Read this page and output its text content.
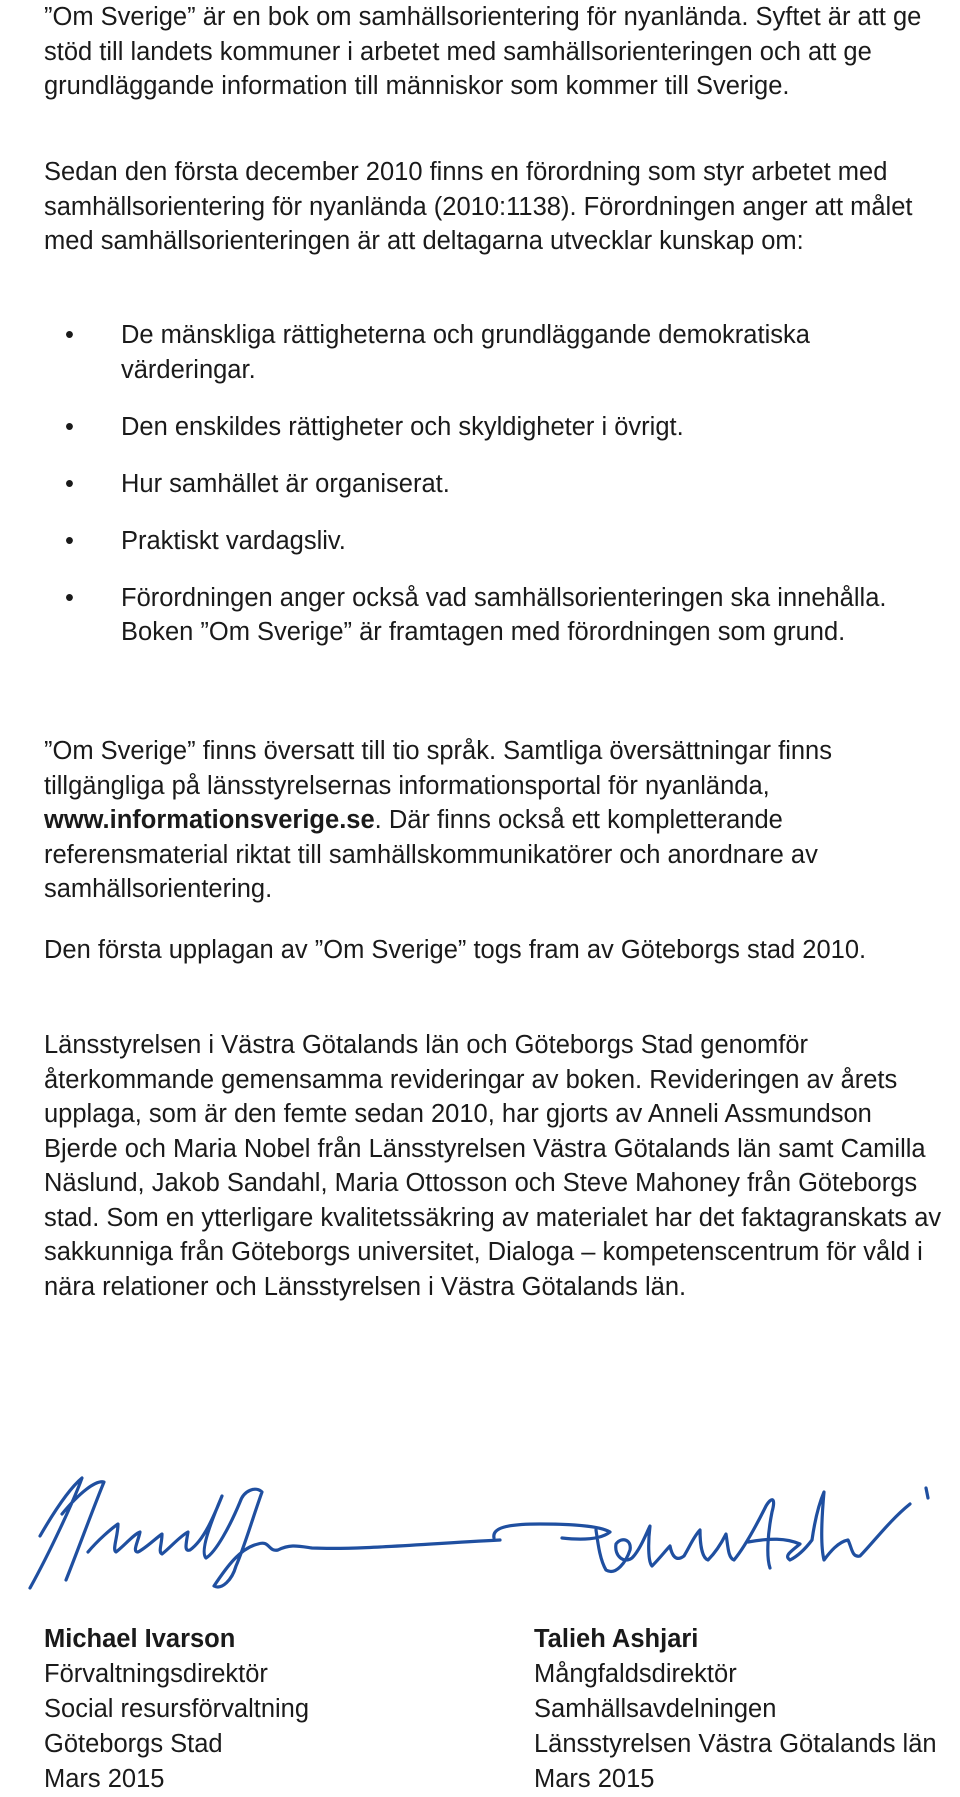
”Om Sverige” är en bok om samhällsorientering för nyanlända. Syftet är att ge stöd till landets kommuner i arbetet med samhällsorienteringen och att ge grundläggande information till människor som kommer till Sverige.

Sedan den första december 2010 finns en förordning som styr arbetet med samhällsorientering för nyanlända (2010:1138). Förordningen anger att målet med samhällsorienteringen är att deltagarna utvecklar kunskap om:

• De mänskliga rättigheterna och grundläggande demokratiska värderingar.
• Den enskildes rättigheter och skyldigheter i övrigt.
• Hur samhället är organiserat.
• Praktiskt vardagsliv.
• Förordningen anger också vad samhällsorienteringen ska innehålla. Boken ”Om Sverige” är framtagen med förordningen som grund.

”Om Sverige” finns översatt till tio språk. Samtliga översättningar finns tillgängliga på länsstyrelsernas informationsportal för nyanlända, www.informationsverige.se. Där finns också ett kompletterande referensmaterial riktat till samhällskommunikatörer och anordnare av samhällsorientering.

Den första upplagan av ”Om Sverige” togs fram av Göteborgs stad 2010.

Länsstyrelsen i Västra Götalands län och Göteborgs Stad genomför återkommande gemensamma revideringar av boken. Revideringen av årets upplaga, som är den femte sedan 2010, har gjorts av Anneli Assmundson Bjerde och Maria Nobel från Länsstyrelsen Västra Götalands län samt Camilla Näslund, Jakob Sandahl, Maria Ottosson och Steve Mahoney från Göteborgs stad. Som en ytterligare kvalitetssäkring av materialet har det faktagranskats av sakkunniga från Göteborgs universitet, Dialoga – kompetenscentrum för våld i nära relationer och Länsstyrelsen i Västra Götalands län.

Michael Ivarson
Förvaltningsdirektör
Social resursförvaltning
Göteborgs Stad
Mars 2015
Talieh Ashjari
Mångfaldsdirektör
Samhällsavdelningen
Länsstyrelsen Västra Götalands län
Mars 2015
